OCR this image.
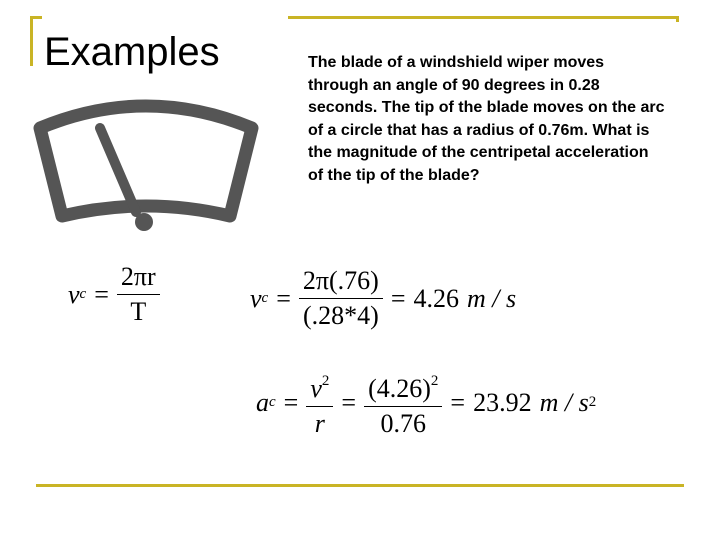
Examples	The blade of a windshield wiper moves through an angle of 90 degrees in 0.28 seconds. The tip of the blade moves on the arc of a circle that has a radius of 0.76m. What is the magnitude of the centripetal acceleration of the tip of the blade?
v $c = \frac{2\pi r}{T}$	v $c = \frac{2\pi(.76)}{(.28*4)} = 4.26$ m / s
a $c = \frac{v^2}{r} = \frac{(4.26)^2}{0.76} = 23.92$ m / s 2
